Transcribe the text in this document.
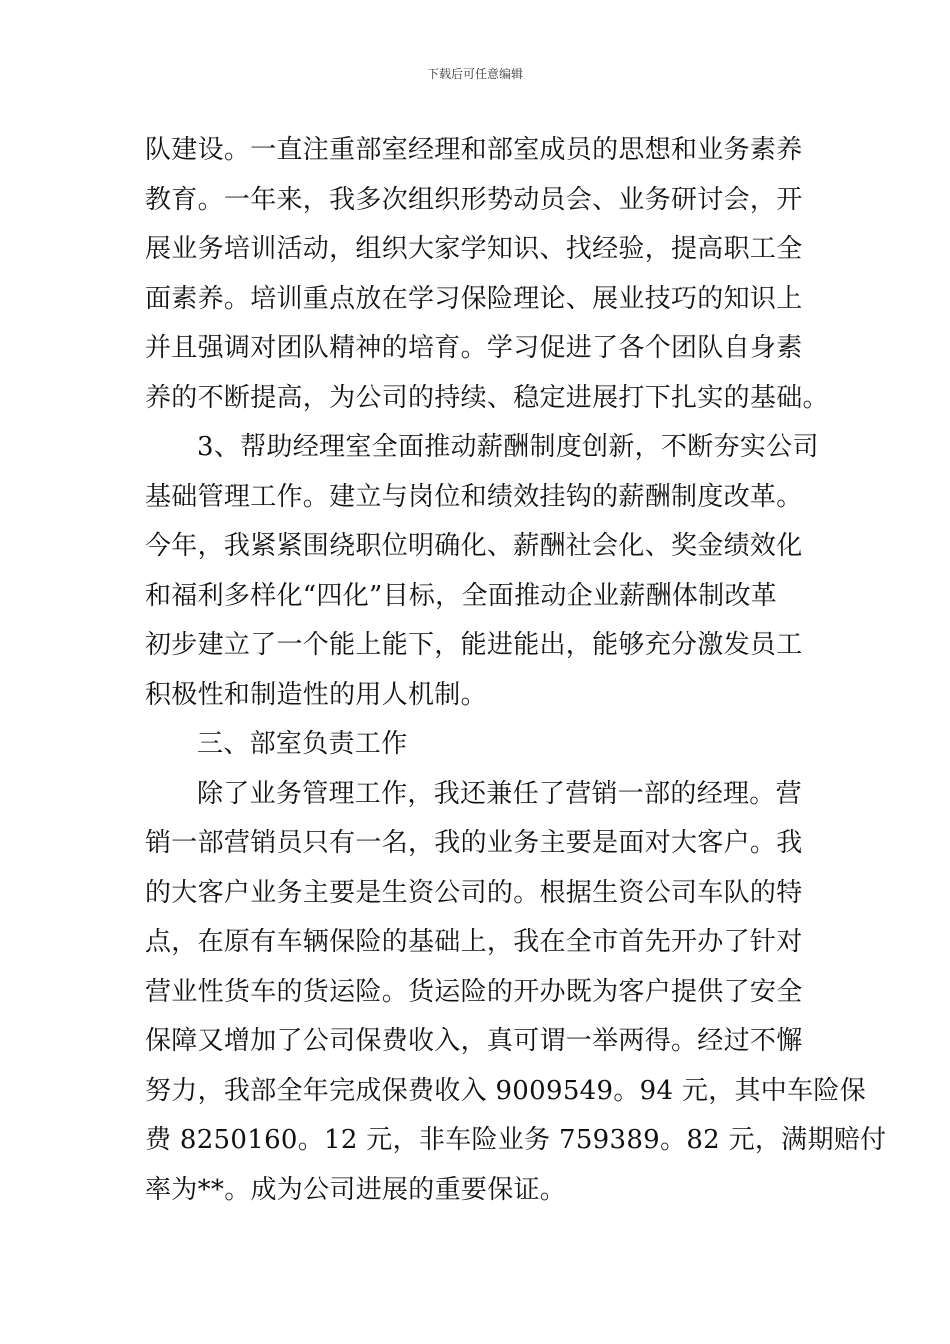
下载后可任意编辑
队建设。一直注重部室经理和部室成员的思想和业务素养
教育。一年来，我多次组织形势动员会、业务研讨会，开
展业务培训活动，组织大家学知识、找经验，提高职工全
面素养。培训重点放在学习保险理论、展业技巧的知识上
并且强调对团队精神的培育。学习促进了各个团队自身素
养的不断提高，为公司的持续、稳定进展打下扎实的基础。
3、帮助经理室全面推动薪酬制度创新，不断夯实公司
基础管理工作。建立与岗位和绩效挂钩的薪酬制度改革。
今年，我紧紧围绕职位明确化、薪酬社会化、奖金绩效化
和福利多样化“四化”目标，全面推动企业薪酬体制改革
初步建立了一个能上能下，能进能出，能够充分激发员工
积极性和制造性的用人机制。
三、部室负责工作
除了业务管理工作，我还兼任了营销一部的经理。营
销一部营销员只有一名，我的业务主要是面对大客户。我
的大客户业务主要是生资公司的。根据生资公司车队的特
点，在原有车辆保险的基础上，我在全市首先开办了针对
营业性货车的货运险。货运险的开办既为客户提供了安全
保障又增加了公司保费收入，真可谓一举两得。经过不懈
努力，我部全年完成保费收入 9009549。94 元，其中车险保
费 8250160。12 元，非车险业务 759389。82 元，满期赔付
率为**。成为公司进展的重要保证。
